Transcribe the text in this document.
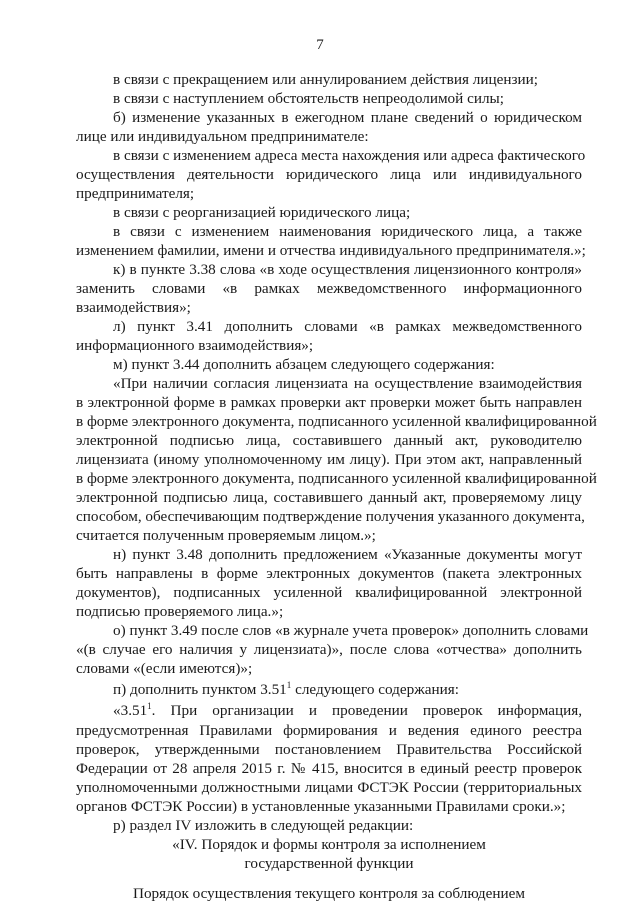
7
в связи с прекращением или аннулированием действия лицензии;
в связи с наступлением обстоятельств непреодолимой силы;
б) изменение указанных в ежегодном плане сведений о юридическом
лице или индивидуальном предпринимателе:
в связи с изменением адреса места нахождения или адреса фактического
осуществления деятельности юридического лица или индивидуального
предпринимателя;
в связи с реорганизацией юридического лица;
в связи с изменением наименования юридического лица, а также
изменением фамилии, имени и отчества индивидуального предпринимателя.»;
к) в пункте 3.38 слова «в ходе осуществления лицензионного контроля»
заменить словами «в рамках межведомственного информационного
взаимодействия»;
л) пункт 3.41 дополнить словами «в рамках межведомственного
информационного взаимодействия»;
м) пункт 3.44 дополнить абзацем следующего содержания:
«При наличии согласия лицензиата на осуществление взаимодействия
в электронной форме в рамках проверки акт проверки может быть направлен
в форме электронного документа, подписанного усиленной квалифицированной
электронной подписью лица, составившего данный акт, руководителю
лицензиата (иному уполномоченному им лицу). При этом акт, направленный
в форме электронного документа, подписанного усиленной квалифицированной
электронной подписью лица, составившего данный акт, проверяемому лицу
способом, обеспечивающим подтверждение получения указанного документа,
считается полученным проверяемым лицом.»;
н) пункт 3.48 дополнить предложением «Указанные документы могут
быть направлены в форме электронных документов (пакета электронных
документов), подписанных усиленной квалифицированной электронной
подписью проверяемого лица.»;
о) пункт 3.49 после слов «в журнале учета проверок» дополнить словами
«(в случае его наличия у лицензиата)», после слова «отчества» дополнить
словами «(если имеются)»;
п) дополнить пунктом 3.51$^1$ следующего содержания:
«3.51$^1$. При организации и проведении проверок информация,
предусмотренная Правилами формирования и ведения единого реестра
проверок, утвержденными постановлением Правительства Российской
Федерации от 28 апреля 2015 г. № 415, вносится в единый реестр проверок
уполномоченными должностными лицами ФСТЭК России (территориальных
органов ФСТЭК России) в установленные указанными Правилами сроки.»;
р) раздел IV изложить в следующей редакции:
«IV. Порядок и формы контроля за исполнением
государственной функции
Порядок осуществления текущего контроля за соблюдением
